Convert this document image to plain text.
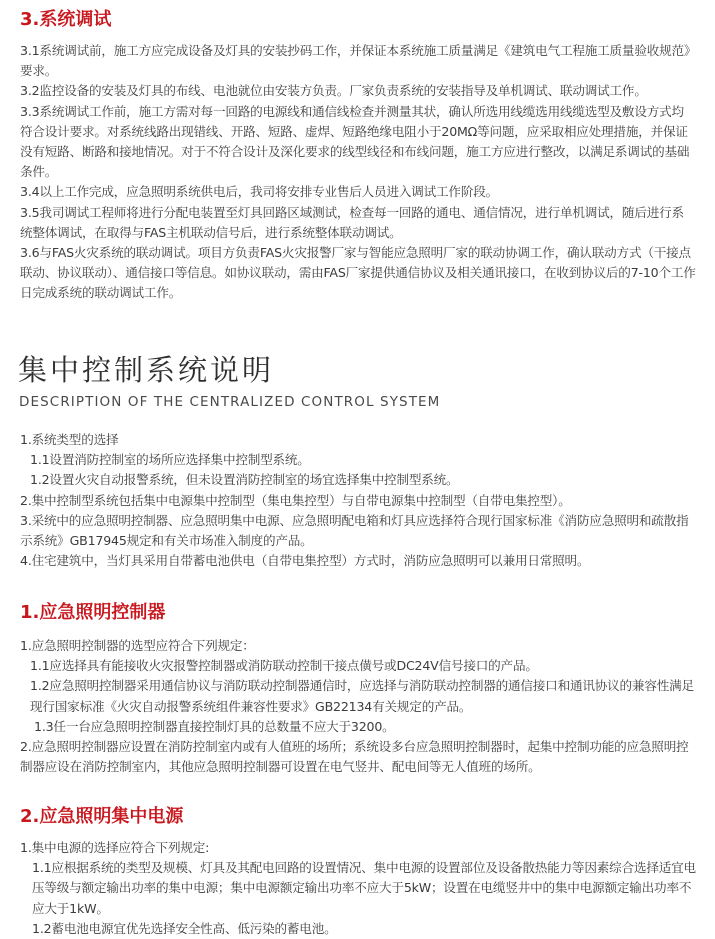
3.系统调试

3.1系统调试前，施工方应完成设备及灯具的安装抄码工作，并保证本系统施工质量满足《建筑电气工程施工质量验收规范》要求。

3.2监控设备的安装及灯具的布线、电池就位由安装方负责。厂家负责系统的安装指导及单机调试、联动调试工作。

3.3系统调试工作前，施工方需对每一回路的电源线和通信线检查并测量其状，确认所选用线缆选用线缆选型及敷设方式均符合设计要求。对系统线路出现错线、开路、短路、虚焊、短路绝缘电阻小于20MΩ等问题，应采取相应处理措施，并保证没有短路、断路和接地情况。对于不符合设计及深化要求的线型线径和布线问题，施工方应进行整改，以满足系调试的基础条件。

3.4以上工作完成，应急照明系统供电后，我司将安排专业售后人员进入调试工作阶段。

3.5我司调试工程师将进行分配电装置至灯具回路区域测试，检查每一回路的通电、通信情况，进行单机调试，随后进行系统整体调试，在取得与FAS主机联动信号后，进行系统整体联动调试。

3.6与FAS火灾系统的联动调试。项目方负责FAS火灾报警厂家与智能应急照明厂家的联动协调工作，确认联动方式（干接点联动、协议联动）、通信接口等信息。如协议联动，需由FAS厂家提供通信协议及相关通讯接口，在收到协议后的7-10个工作日完成系统的联动调试工作。

集中控制系统说明
DESCRIPTION OF THE CENTRALIZED CONTROL SYSTEM

1.系统类型的选择

1.1设置消防控制室的场所应选择集中控制型系统。

1.2设置火灾自动报警系统，但未设置消防控制室的场宜选择集中控制型系统。

2.集中控制型系统包括集中电源集中控制型（集电集控型）与自带电源集中控制型（自带电集控型）。

3.采统中的应急照明控制器、应急照明集中电源、应急照明配电箱和灯具应选择符合现行国家标准《消防应急照明和疏散指示系统》GB17945规定和有关市场准入制度的产品。

4.住宅建筑中，当灯具采用自带蓄电池供电（自带电集控型）方式时，消防应急照明可以兼用日常照明。

1.应急照明控制器

1.应急照明控制器的选型应符合下列规定：

1.1应选择具有能接收火灾报警控制器或消防联动控制干接点僙号或DC24V信号接口的产品。

1.2应急照明控制器采用通信协议与消防联动控制器通信时，应选择与消防联动控制器的通信接口和通讯协议的兼容性满足现行国家标准《火灾自动报警系统组件兼容性要求》GB22134有关规定的产品。

1.3任一台应急照明控制器直接控制灯具的总数量不应大于3200。

2.应急照明控制器应设置在消防控制室内或有人值班的场所；系统设多台应急照明控制器时，起集中控制功能的应急照明控制器应设在消防控制室内，其他应急照明控制器可设置在电气竖井、配电间等无人值班的场所。

2.应急照明集中电源

1.集中电源的选择应符合下列规定:

1.1应根据系统的类型及规模、灯具及其配电回路的设置情况、集中电源的设置部位及设备散热能力等因素综合选择适宜电压等级与额定输出功率的集中电源；集中电源额定输出功率不应大于5kW；设置在电缆竖井中的集中电源额定输出功率不应大于1kW。

1.2蓄电池电源宜优先选择安全性高、低污染的蓄电池。
